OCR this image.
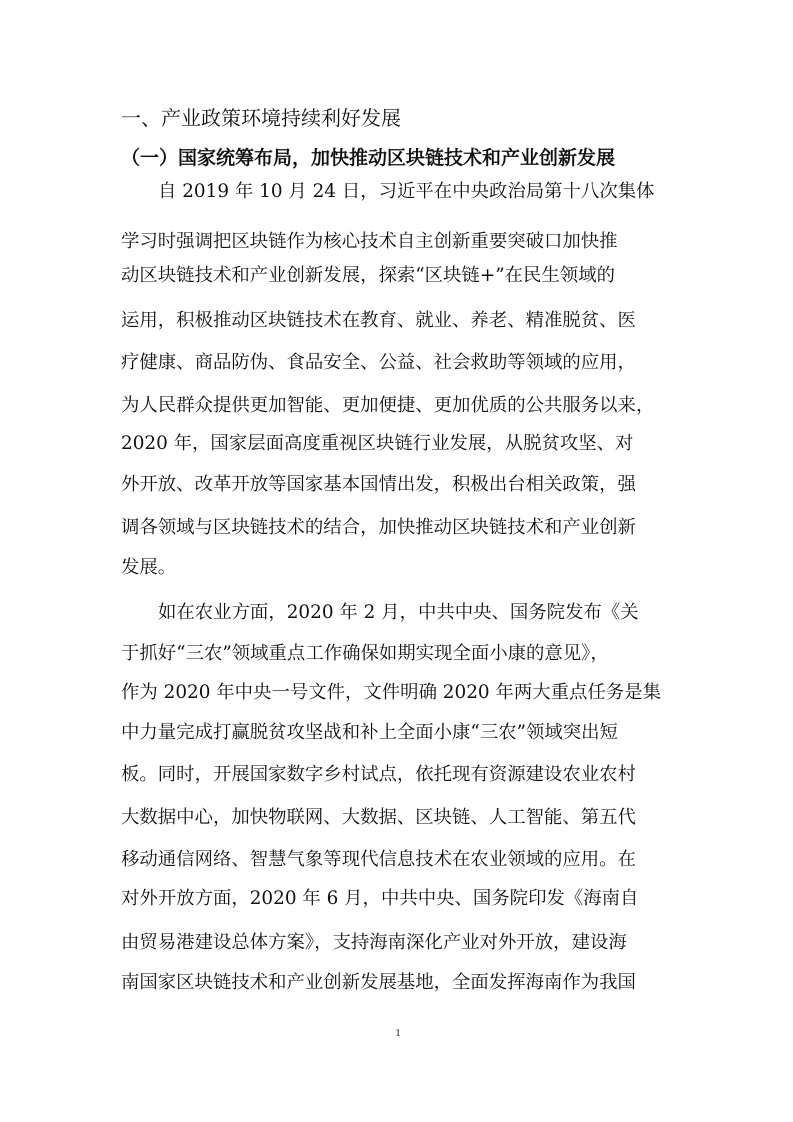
一、产业政策环境持续利好发展
（一）国家统筹布局，加快推动区块链技术和产业创新发展
自 2019 年 10 月 24 日，习近平在中央政治局第十八次集体
学习时强调把区块链作为核心技术自主创新重要突破口加快推
动区块链技术和产业创新发展，探索“区块链+”在民生领域的
运用，积极推动区块链技术在教育、就业、养老、精准脱贫、医
疗健康、商品防伪、食品安全、公益、社会救助等领域的应用，
为人民群众提供更加智能、更加便捷、更加优质的公共服务以来，
2020 年，国家层面高度重视区块链行业发展，从脱贫攻坚、对
外开放、改革开放等国家基本国情出发，积极出台相关政策，强
调各领域与区块链技术的结合，加快推动区块链技术和产业创新
发展。
如在农业方面，2020 年 2 月，中共中央、国务院发布《关
于抓好“三农”领域重点工作确保如期实现全面小康的意见》，
作为 2020 年中央一号文件，文件明确 2020 年两大重点任务是集
中力量完成打赢脱贫攻坚战和补上全面小康“三农”领域突出短
板。同时，开展国家数字乡村试点，依托现有资源建设农业农村
大数据中心，加快物联网、大数据、区块链、人工智能、第五代
移动通信网络、智慧气象等现代信息技术在农业领域的应用。在
对外开放方面，2020 年 6 月，中共中央、国务院印发《海南自
由贸易港建设总体方案》，支持海南深化产业对外开放，建设海
南国家区块链技术和产业创新发展基地，全面发挥海南作为我国
1
